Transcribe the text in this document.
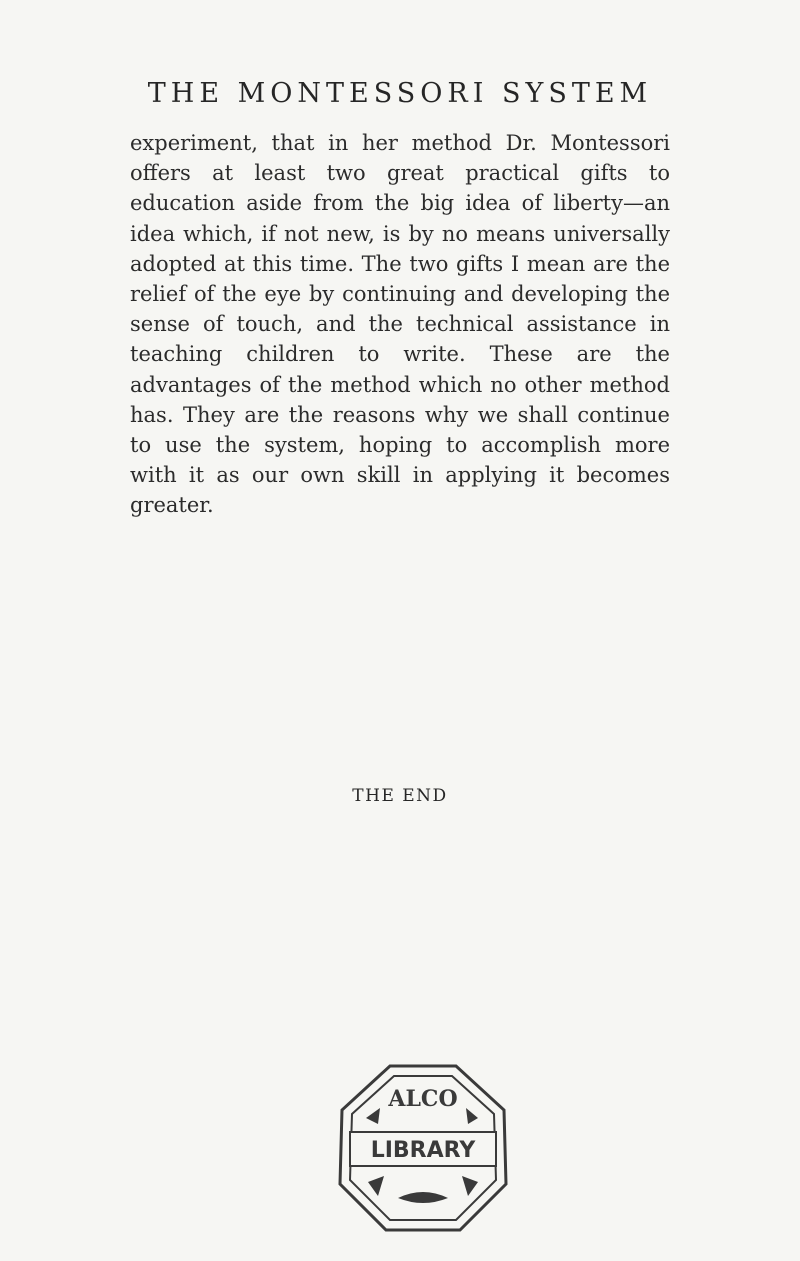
THE MONTESSORI SYSTEM

experiment, that in her method Dr. Montessori offers at least two great practical gifts to education aside from the big idea of liberty—an idea which, if not new, is by no means universally adopted at this time. The two gifts I mean are the relief of the eye by continuing and developing the sense of touch, and the technical assistance in teaching children to write. These are the advantages of the method which no other method has. They are the reasons why we shall continue to use the system, hoping to accomplish more with it as our own skill in applying it becomes greater.

THE END

ALCO
LIBRARY
